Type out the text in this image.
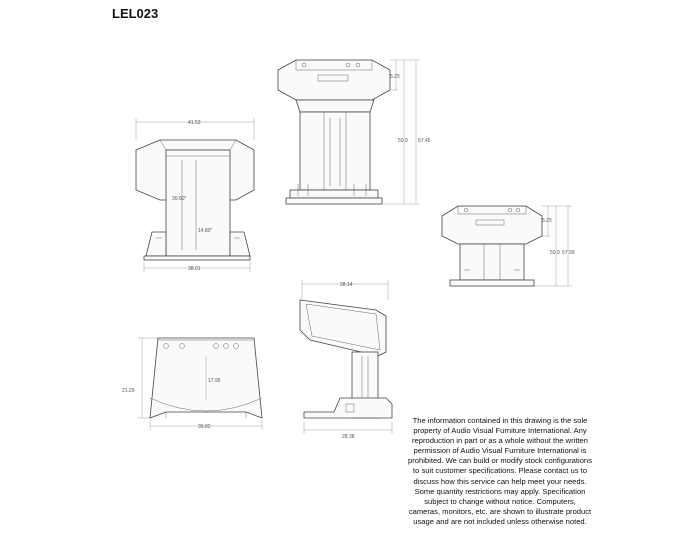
LEL023
41.53
30.60"
14.80"
38.01
5.25
50.9 57.45
5.25
50.9 57.99
21.29
17.95
39.82
28.14
28.38
The information contained in this drawing is the sole property of Audio Visual Furniture International. Any reproduction in part or as a whole without the written permission of Audio Visual Furniture International is prohibited. We can build or modify stock configurations to suit customer specifications. Please contact us to discuss how this service can help meet your needs. Some quantity restrictions may apply. Specification subject to change without notice. Computers, cameras, monitors, etc. are shown to illustrate product usage and are not included unless otherwise noted.
